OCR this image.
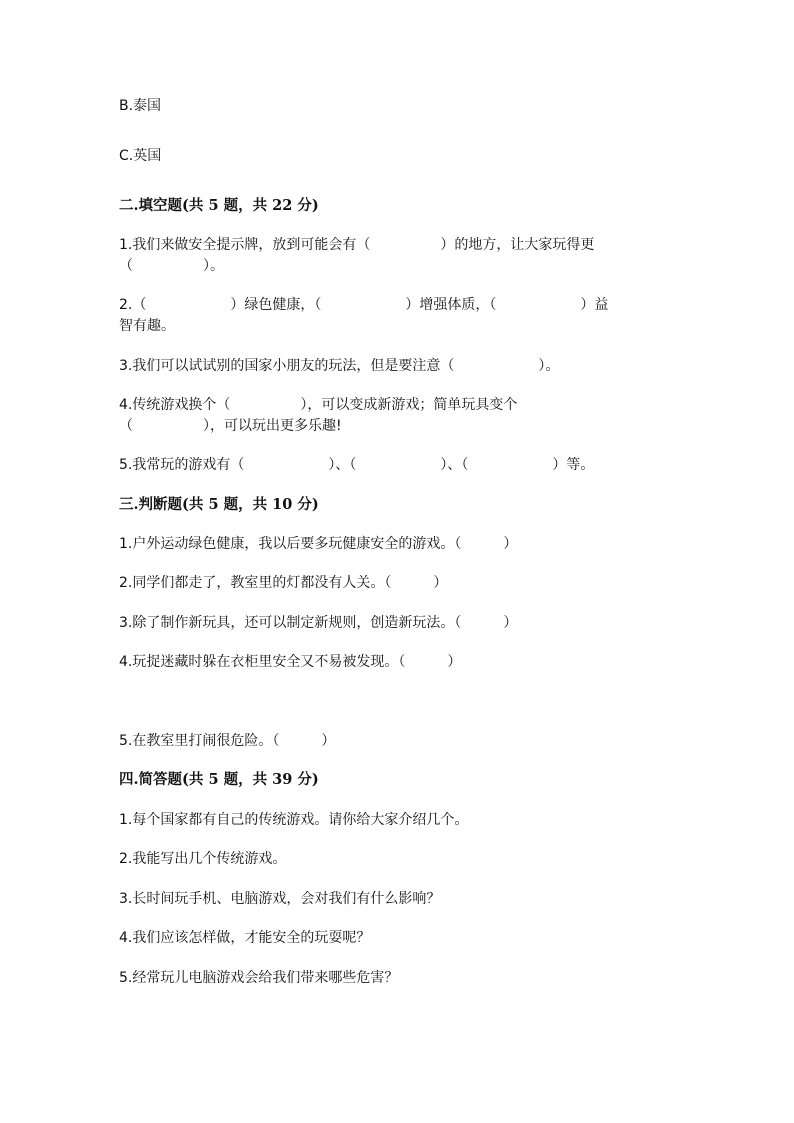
B.泰国
C.英国
二.填空题(共 5 题，共 22 分)
1.我们来做安全提示牌，放到可能会有（　　　　　）的地方，让大家玩得更
（　　　　　）。
2.（　　　　　　）绿色健康，（　　　　　　）增强体质，（　　　　　　）益
智有趣。
3.我们可以试试别的国家小朋友的玩法，但是要注意（　　　　　　）。
4.传统游戏换个（　　　　　），可以变成新游戏；简单玩具变个
（　　　　　），可以玩出更多乐趣!
5.我常玩的游戏有（　　　　　　）、（　　　　　　）、（　　　　　　）等。
三.判断题(共 5 题，共 10 分)
1.户外运动绿色健康，我以后要多玩健康安全的游戏。（　　　）
2.同学们都走了，教室里的灯都没有人关。（　　　）
3.除了制作新玩具，还可以制定新规则，创造新玩法。（　　　）
4.玩捉迷藏时躲在衣柜里安全又不易被发现。（　　　）
5.在教室里打闹很危险。（　　　）
四.简答题(共 5 题，共 39 分)
1.每个国家都有自己的传统游戏。请你给大家介绍几个。
2.我能写出几个传统游戏。
3.长时间玩手机、电脑游戏，会对我们有什么影响？
4.我们应该怎样做，才能安全的玩耍呢？
5.经常玩儿电脑游戏会给我们带来哪些危害？
